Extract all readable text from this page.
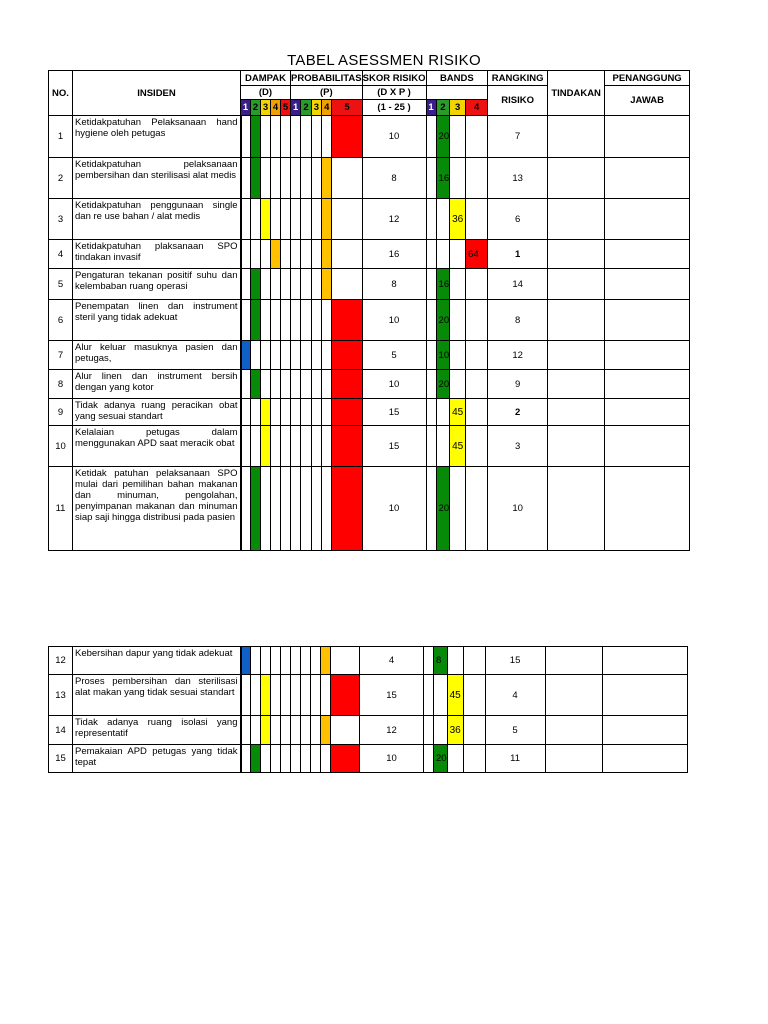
TABEL ASESSMEN RISIKO
NO.	INSIDEN	DAMPAK					PROBABILITAS					SKOR RISIKO	BANDS				RANGKING	TINDAKAN	PENANGGUNG
		(D)					(P)					(D X P )					RISIKO		JAWAB
		1	2	3	4	5	1	2	3	4	5	(1 - 25 )	1	2	3	4			
1	Ketidakpatuhan Pelaksanaan hand hygiene oleh petugas											10		20			7		
2	Ketidakpatuhan pelaksanaan pembersihan dan sterilisasi alat medis											8		16			13		
3	Ketidakpatuhan penggunaan single dan re use bahan / alat medis											12			36		6		
4	Ketidakpatuhan plaksanaan SPO tindakan invasif											16				64	1		
5	Pengaturan tekanan positif suhu dan kelembaban ruang operasi											8		16			14		
6	Penempatan linen dan instrument steril yang tidak adekuat											10		20			8		
7	Alur keluar masuknya pasien dan petugas,											5		10			12		
8	Alur linen dan instrument bersih dengan yang kotor											10		20			9		
9	Tidak adanya ruang peracikan obat yang sesuai standart											15			45		2		
10	Kelalaian petugas dalam menggunakan APD saat meracik obat											15			45		3		
11	Ketidak patuhan pelaksanaan SPO mulai dari pemilihan bahan makanan dan minuman, pengolahan, penyimpanan makanan dan minuman siap saji hingga distribusi pada pasien											10		20			10		
12	Kebersihan dapur yang tidak adekuat											4		8			15		
13	Proses pembersihan dan sterilisasi alat makan yang tidak sesuai standart											15			45		4		
14	Tidak adanya ruang isolasi yang representatif											12			36		5		
15	Pemakaian APD petugas yang tidak tepat											10		20			11		
